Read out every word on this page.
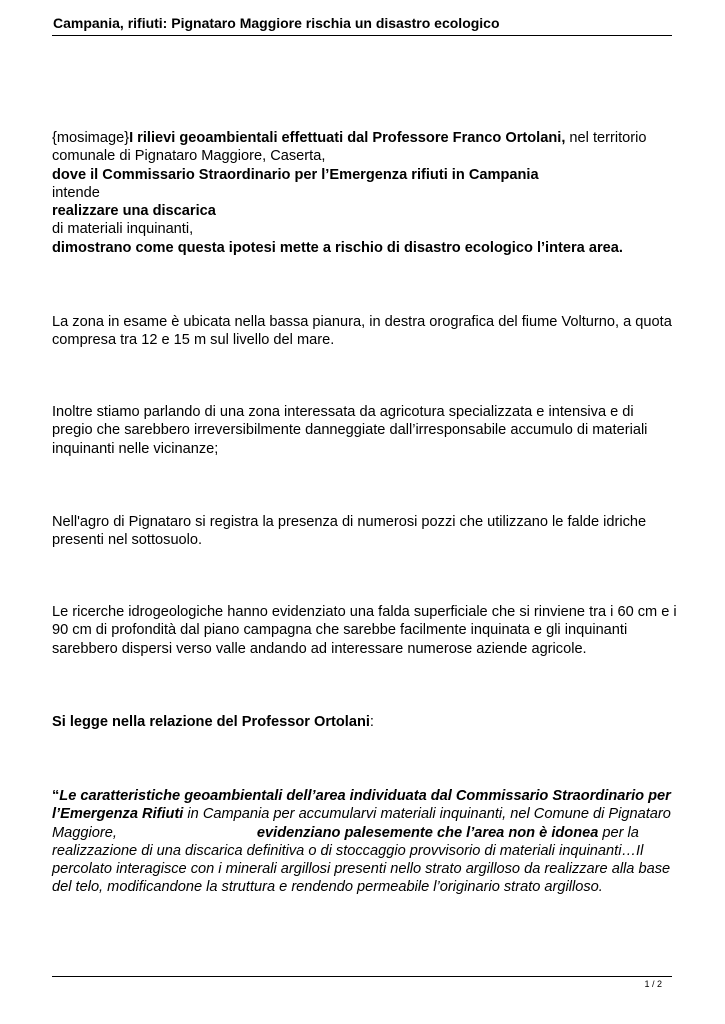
Campania, rifiuti: Pignataro Maggiore rischia un disastro ecologico

{mosimage}I rilievi geoambientali effettuati dal Professore Franco Ortolani, nel territorio comunale di Pignataro Maggiore, Caserta,

dove il Commissario Straordinario per l’Emergenza rifiuti in Campania

intende

realizzare una discarica

di materiali inquinanti,

dimostrano come questa ipotesi mette a rischio di disastro ecologico l’intera area.

La zona in esame è ubicata nella bassa pianura, in destra orografica del fiume Volturno, a quota compresa tra 12 e 15 m sul livello del mare.
Inoltre stiamo parlando di una zona interessata da agricotura specializzata e intensiva e di pregio che sarebbero irreversibilmente danneggiate dall’irresponsabile accumulo di materiali inquinanti nelle vicinanze;
Nell'agro di Pignataro si registra la presenza di numerosi pozzi che utilizzano le falde idriche presenti nel sottosuolo.
Le ricerche idrogeologiche hanno evidenziato una falda superficiale che si rinviene tra i 60 cm e i 90 cm di profondità dal piano campagna che sarebbe facilmente inquinata e gli inquinanti sarebbero dispersi verso valle andando ad interessare numerose aziende agricole.
Si legge nella relazione del Professor Ortolani:
“Le caratteristiche geoambientali dell’area individuata dal Commissario Straordinario per l’Emergenza Rifiuti in Campania per accumularvi materiali inquinanti, nel Comune di Pignataro Maggiore,	evidenziano palesemente che l’area non è idonea per la realizzazione di una discarica definitiva o di stoccaggio provvisorio di materiali inquinanti…Il percolato interagisce con i minerali argillosi presenti nello strato argilloso da realizzare alla base del telo, modificandone la struttura e rendendo permeabile l’originario strato argilloso.
1 / 2
